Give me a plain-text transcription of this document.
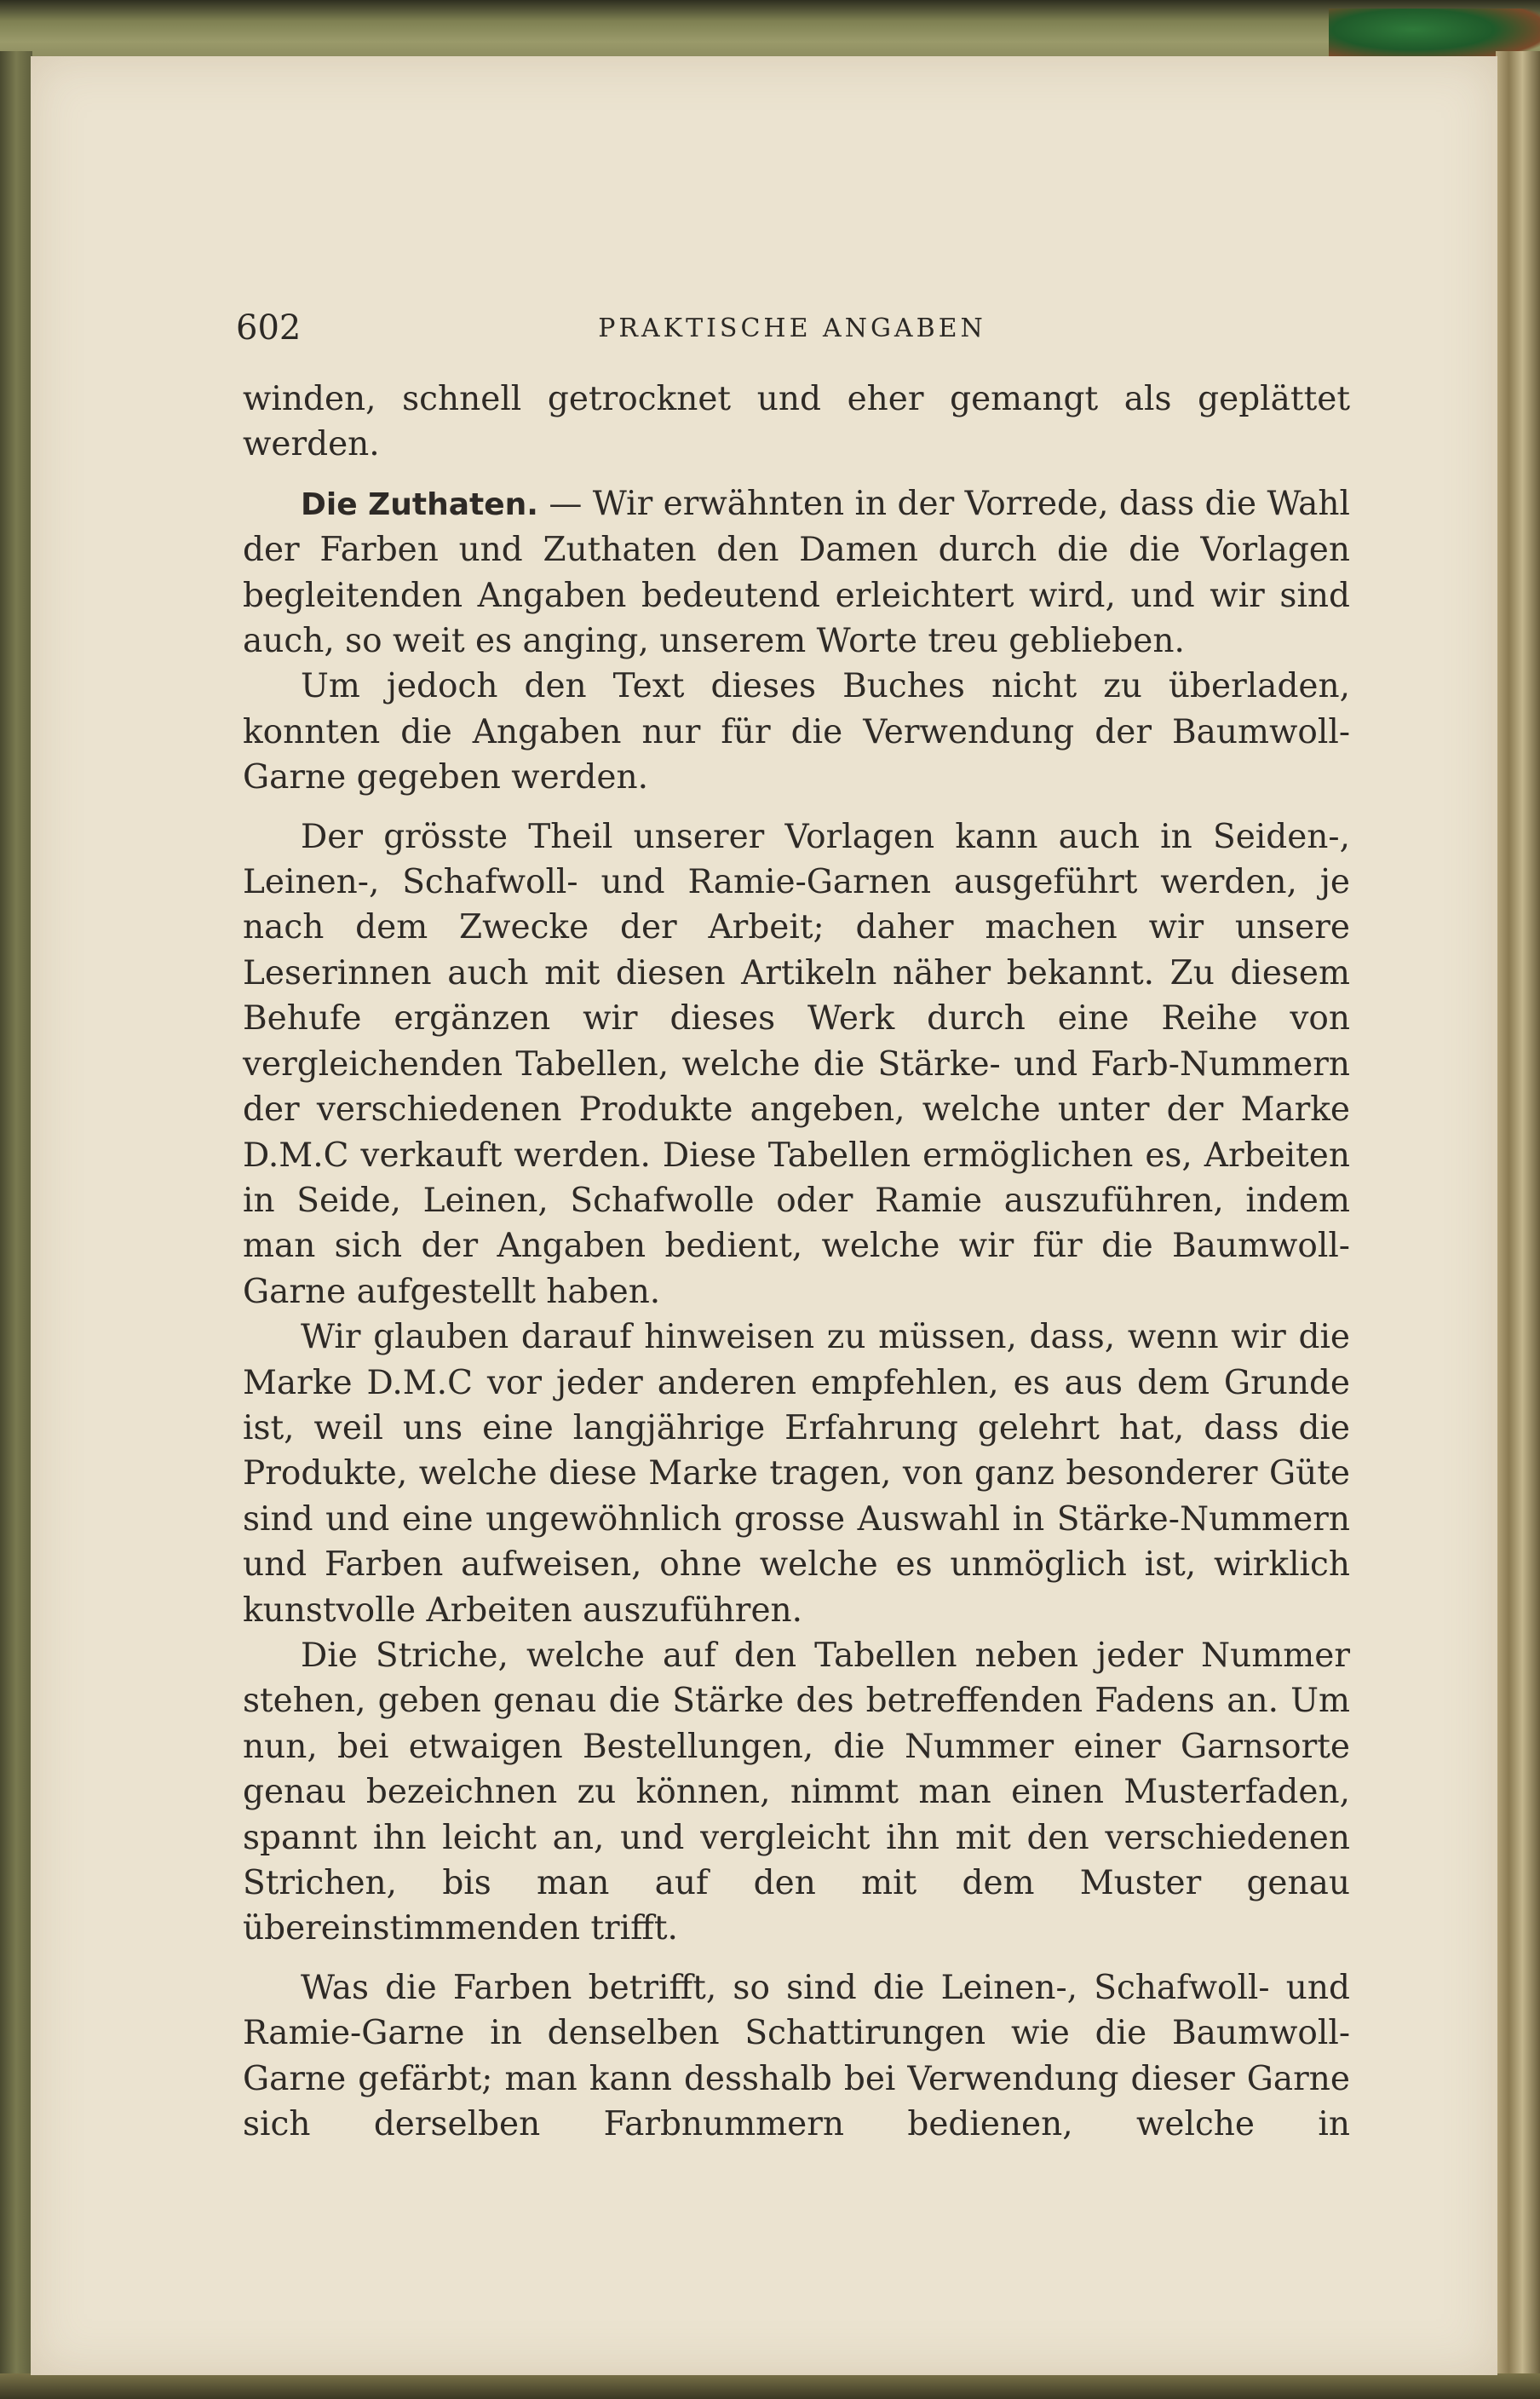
602	PRAKTISCHE ANGABEN

winden, schnell getrocknet und eher gemangt als geplättet werden.

Die Zuthaten. — Wir erwähnten in der Vorrede, dass die Wahl der Farben und Zuthaten den Damen durch die die Vorlagen begleitenden Angaben bedeutend erleichtert wird, und wir sind auch, so weit es anging, unserem Worte treu geblieben.

Um jedoch den Text dieses Buches nicht zu überladen, konnten die Angaben nur für die Verwendung der Baumwoll-Garne gegeben werden.

Der grösste Theil unserer Vorlagen kann auch in Seiden-, Leinen-, Schafwoll- und Ramie-Garnen ausgeführt werden, je nach dem Zwecke der Arbeit; daher machen wir unsere Leserinnen auch mit diesen Artikeln näher bekannt. Zu diesem Behufe ergänzen wir dieses Werk durch eine Reihe von vergleichenden Tabellen, welche die Stärke- und Farb-Nummern der verschiedenen Produkte angeben, welche unter der Marke D.M.C verkauft werden. Diese Tabellen ermöglichen es, Arbeiten in Seide, Leinen, Schafwolle oder Ramie auszuführen, indem man sich der Angaben bedient, welche wir für die Baumwoll-Garne aufgestellt haben.

Wir glauben darauf hinweisen zu müssen, dass, wenn wir die Marke D.M.C vor jeder anderen empfehlen, es aus dem Grunde ist, weil uns eine langjährige Erfahrung gelehrt hat, dass die Produkte, welche diese Marke tragen, von ganz besonderer Güte sind und eine ungewöhnlich grosse Auswahl in Stärke-Nummern und Farben aufweisen, ohne welche es unmöglich ist, wirklich kunstvolle Arbeiten auszuführen.

Die Striche, welche auf den Tabellen neben jeder Nummer stehen, geben genau die Stärke des betreffenden Fadens an. Um nun, bei etwaigen Bestellungen, die Nummer einer Garnsorte genau bezeichnen zu können, nimmt man einen Musterfaden, spannt ihn leicht an, und vergleicht ihn mit den verschiedenen Strichen, bis man auf den mit dem Muster genau übereinstimmenden trifft.

Was die Farben betrifft, so sind die Leinen-, Schafwoll- und Ramie-Garne in denselben Schattirungen wie die Baumwoll-Garne gefärbt; man kann desshalb bei Verwendung dieser Garne sich derselben Farbnummern bedienen, welche in
